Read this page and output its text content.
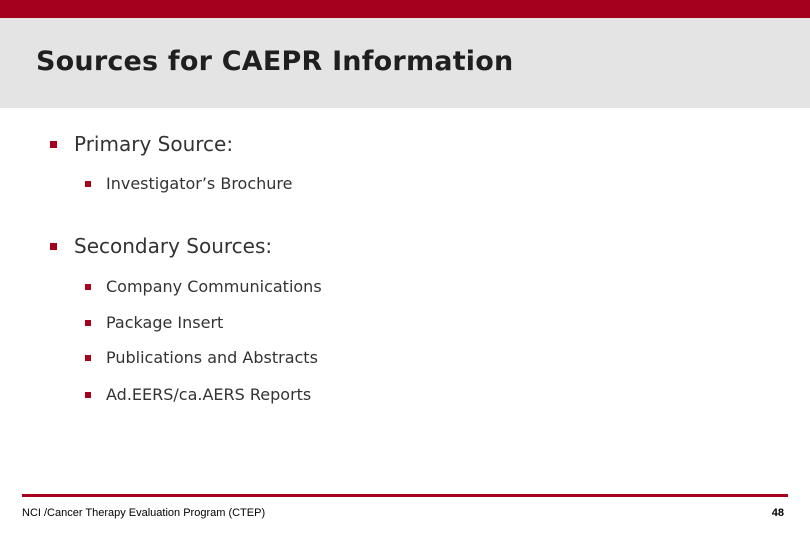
Sources for CAEPR Information
Primary Source:
Investigator’s Brochure
Secondary Sources:
Company Communications
Package Insert
Publications and Abstracts
Ad.EERS/ca.AERS Reports
NCI /Cancer Therapy Evaluation Program (CTEP)	48
